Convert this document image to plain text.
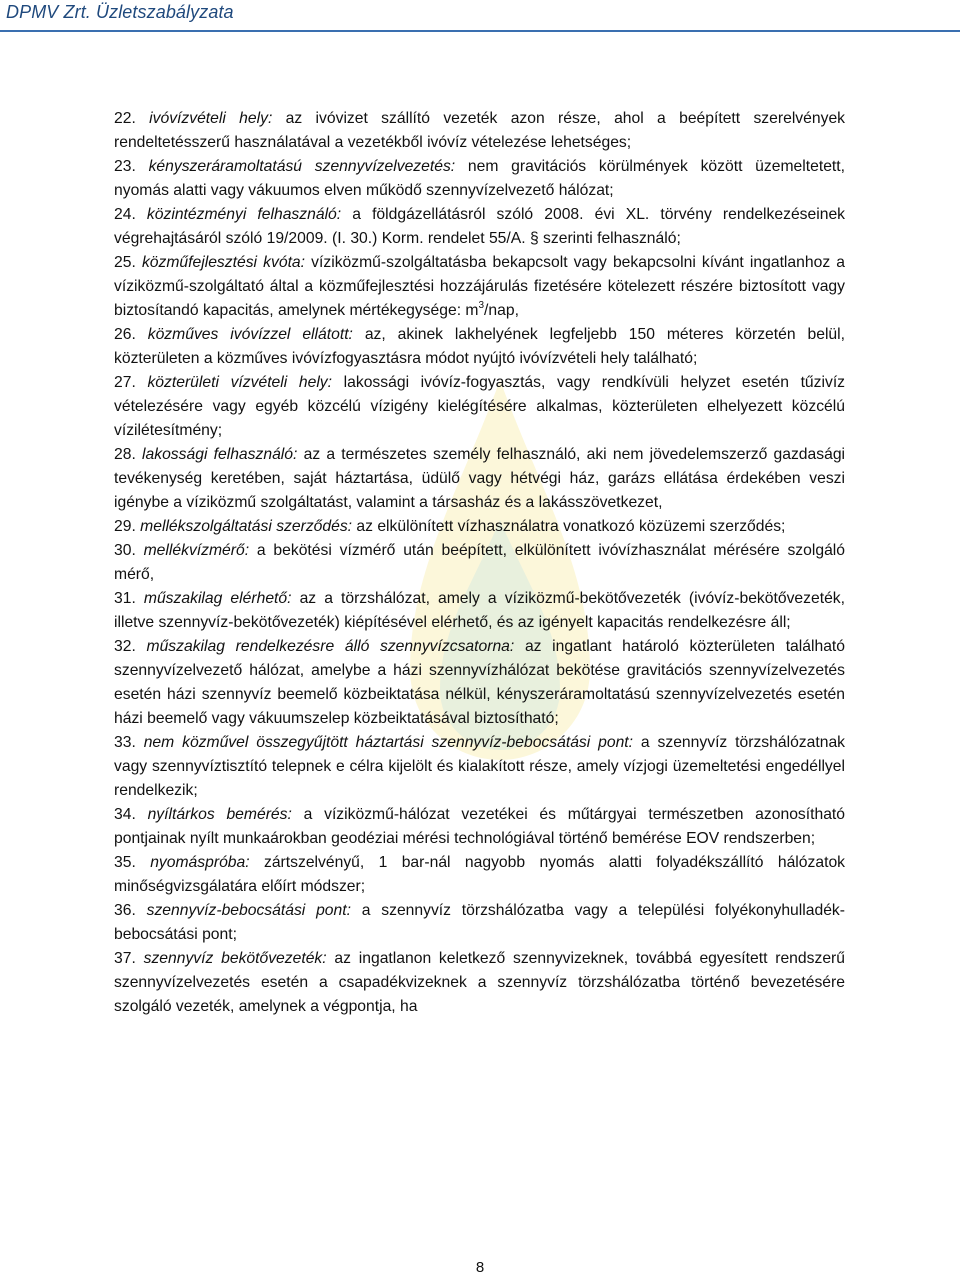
DPMV Zrt. Üzletszabályzata
22. ivóvízvételi hely: az ivóvizet szállító vezeték azon része, ahol a beépített szerelvények rendeltetésszerű használatával a vezetékből ivóvíz vételezése lehetséges;
23. kényszeráramoltatású szennyvízelvezetés: nem gravitációs körülmények között üzemeltetett, nyomás alatti vagy vákuumos elven működő szennyvízelvezető hálózat;
24. közintézményi felhasználó: a földgázellátásról szóló 2008. évi XL. törvény rendelkezéseinek végrehajtásáról szóló 19/2009. (I. 30.) Korm. rendelet 55/A. § szerinti felhasználó;
25. közműfejlesztési kvóta: víziközmű-szolgáltatásba bekapcsolt vagy bekapcsolni kívánt ingatlanhoz a víziközmű-szolgáltató által a közműfejlesztési hozzájárulás fizetésére kötelezett részére biztosított vagy biztosítandó kapacitás, amelynek mértékegysége: $m^3$/nap,
26. közműves ivóvízzel ellátott: az, akinek lakhelyének legfeljebb 150 méteres körzetén belül, közterületen a közműves ivóvízfogyasztásra módot nyújtó ivóvízvételi hely található;
27. közterületi vízvételi hely: lakossági ivóvíz-fogyasztás, vagy rendkívüli helyzet esetén tűzivíz vételezésére vagy egyéb közcélú vízigény kielégítésére alkalmas, közterületen elhelyezett közcélú vízilétesítmény;
28. lakossági felhasználó: az a természetes személy felhasználó, aki nem jövedelemszerző gazdasági tevékenység keretében, saját háztartása, üdülő vagy hétvégi ház, garázs ellátása érdekében veszi igénybe a víziközmű szolgáltatást, valamint a társasház és a lakásszövetkezet,
29. mellékszolgáltatási szerződés: az elkülönített vízhasználatra vonatkozó közüzemi szerződés;
30. mellékvízmérő: a bekötési vízmérő után beépített, elkülönített ivóvízhasználat mérésére szolgáló mérő,
31. műszakilag elérhető: az a törzshálózat, amely a víziközmű-bekötővezeték (ivóvíz-bekötővezeték, illetve szennyvíz-bekötővezeték) kiépítésével elérhető, és az igényelt kapacitás rendelkezésre áll;
32. műszakilag rendelkezésre álló szennyvízcsatorna: az ingatlant határoló közterületen található szennyvízelvezető hálózat, amelybe a házi szennyvízhálózat bekötése gravitációs szennyvízelvezetés esetén házi szennyvíz beemelő közbeiktatása nélkül, kényszeráramoltatású szennyvízelvezetés esetén házi beemelő vagy vákuumszelep közbeiktatásával biztosítható;
33. nem közművel összegyűjtött háztartási szennyvíz-bebocsátási pont: a szennyvíz törzshálózatnak vagy szennyvíztisztító telepnek e célra kijelölt és kialakított része, amely vízjogi üzemeltetési engedéllyel rendelkezik;
34. nyíltárkos bemérés: a víziközmű-hálózat vezetékei és műtárgyai természetben azonosítható pontjainak nyílt munkaárokban geodéziai mérési technológiával történő bemérése EOV rendszerben;
35. nyomáspróba: zártszelvényű, 1 bar-nál nagyobb nyomás alatti folyadékszállító hálózatok minőségvizsgálatára előírt módszer;
36. szennyvíz-bebocsátási pont: a szennyvíz törzshálózatba vagy a települési folyékonyhulladék-bebocsátási pont;
37. szennyvíz bekötővezeték: az ingatlanon keletkező szennyvizeknek, továbbá egyesített rendszerű szennyvízelvezetés esetén a csapadékvizeknek a szennyvíz törzshálózatba történő bevezetésére szolgáló vezeték, amelynek a végpontja, ha
8
